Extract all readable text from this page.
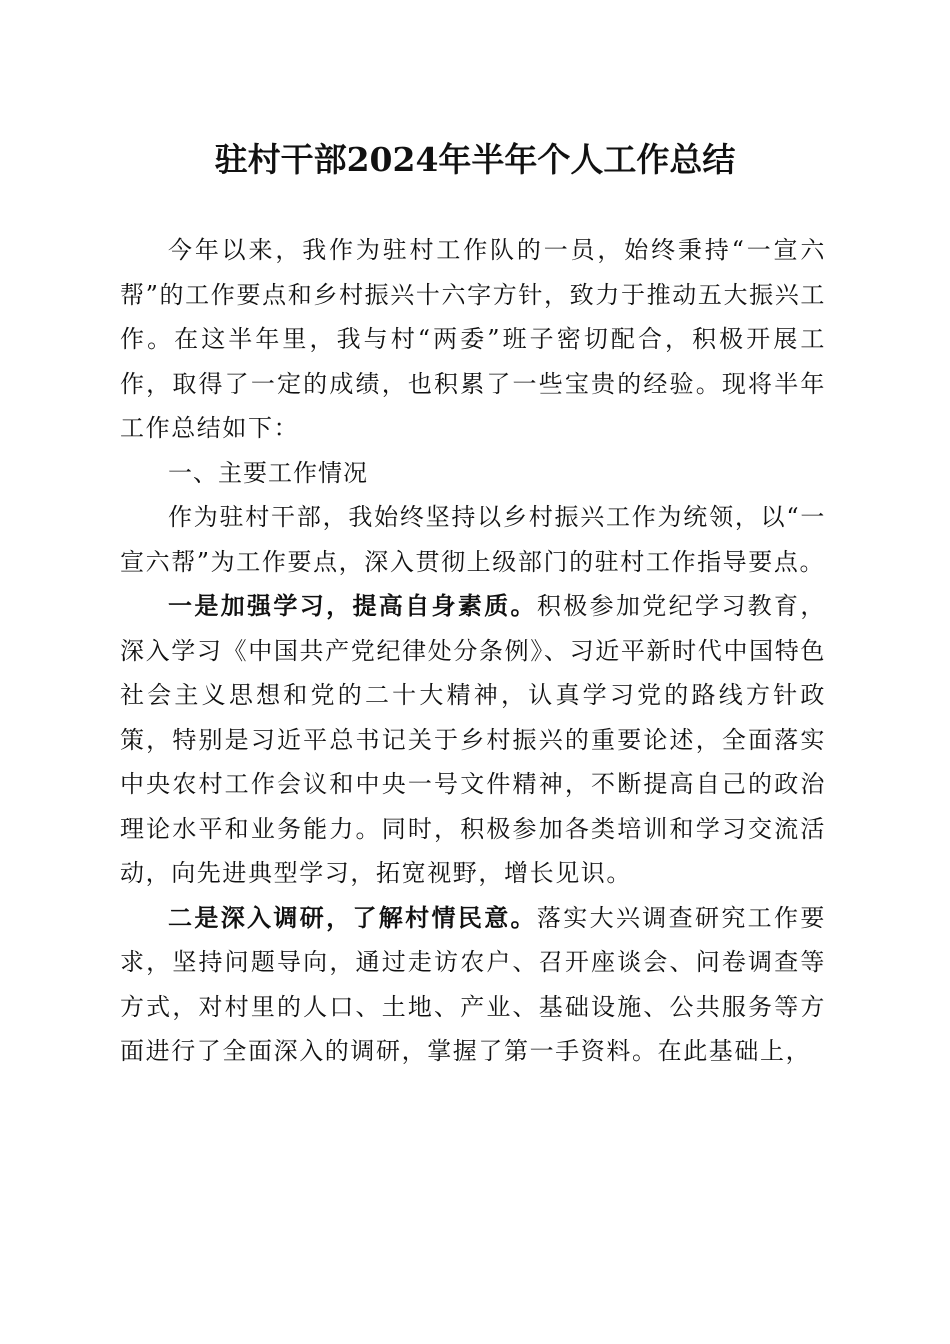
驻村干部2024年半年个人工作总结

今年以来，我作为驻村工作队的一员，始终秉持“一宣六帮”的工作要点和乡村振兴十六字方针，致力于推动五大振兴工作。在这半年里，我与村“两委”班子密切配合，积极开展工作，取得了一定的成绩，也积累了一些宝贵的经验。现将半年工作总结如下：

一、主要工作情况

作为驻村干部，我始终坚持以乡村振兴工作为统领，以“一宣六帮”为工作要点，深入贯彻上级部门的驻村工作指导要点。

一是加强学习，提高自身素质。积极参加党纪学习教育，深入学习《中国共产党纪律处分条例》、习近平新时代中国特色社会主义思想和党的二十大精神，认真学习党的路线方针政策，特别是习近平总书记关于乡村振兴的重要论述，全面落实中央农村工作会议和中央一号文件精神，不断提高自己的政治理论水平和业务能力。同时，积极参加各类培训和学习交流活动，向先进典型学习，拓宽视野，增长见识。

二是深入调研，了解村情民意。落实大兴调查研究工作要求，坚持问题导向，通过走访农户、召开座谈会、问卷调查等方式，对村里的人口、土地、产业、基础设施、公共服务等方面进行了全面深入的调研，掌握了第一手资料。在此基础上，
